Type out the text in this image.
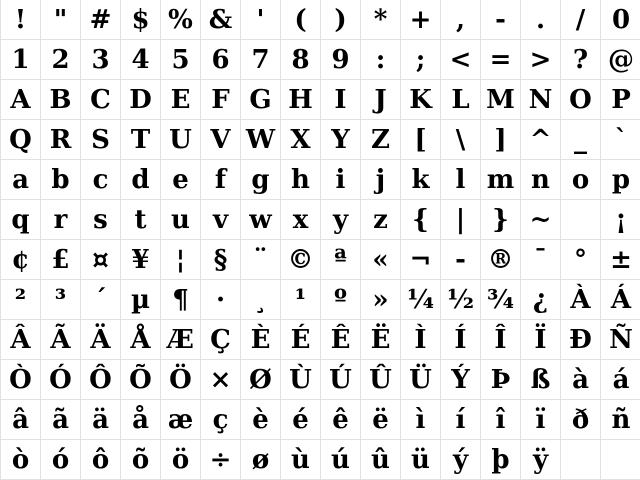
! " # $ % & ' ( ) * + , - . / 0
1 2 3 4 5 6 7 8 9 : ; < = > ? @
A B C D E F G H I J K L M N O P
Q R S T U V W X Y Z [ \ ] ^ _ `
a b c d e f g h i j k l m n o p
q r s t u v w x y z { | } ~ ¡
¢ £ ¤ ¥ ¦ § ¨ © ª « ¬ - ® ¯ ° ±
² ³ ´ µ ¶ · ¸ ¹ º » ¼ ½ ¾ ¿ À Á
Â Ã Ä Å Æ Ç È É Ê Ë Ì Í Î Ï Ð Ñ
Ò Ó Ô Õ Ö × Ø Ù Ú Û Ü Ý Þ ß à á
â ã ä å æ ç è é ê ë ì í î ï ð ñ
ò ó ô õ ö ÷ ø ù ú û ü ý þ ÿ
